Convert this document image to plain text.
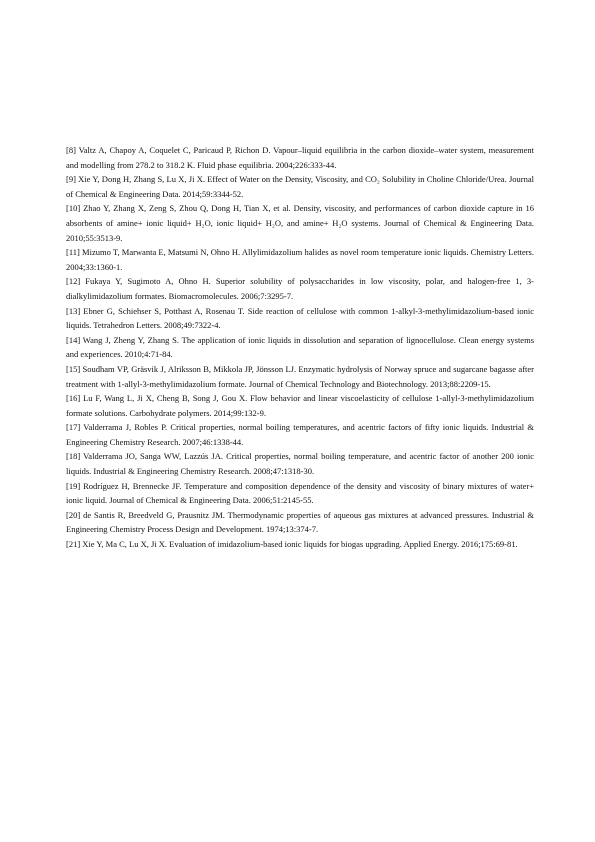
[8] Valtz A, Chapoy A, Coquelet C, Paricaud P, Richon D. Vapour–liquid equilibria in the carbon dioxide–water system, measurement and modelling from 278.2 to 318.2 K. Fluid phase equilibria. 2004;226:333-44.
[9] Xie Y, Dong H, Zhang S, Lu X, Ji X. Effect of Water on the Density, Viscosity, and CO₂ Solubility in Choline Chloride/Urea. Journal of Chemical & Engineering Data. 2014;59:3344-52.
[10] Zhao Y, Zhang X, Zeng S, Zhou Q, Dong H, Tian X, et al. Density, viscosity, and performances of carbon dioxide capture in 16 absorbents of amine+ ionic liquid+ H₂O, ionic liquid+ H₂O, and amine+ H₂O systems. Journal of Chemical & Engineering Data. 2010;55:3513-9.
[11] Mizumo T, Marwanta E, Matsumi N, Ohno H. Allylimidazolium halides as novel room temperature ionic liquids. Chemistry Letters. 2004;33:1360-1.
[12] Fukaya Y, Sugimoto A, Ohno H. Superior solubility of polysaccharides in low viscosity, polar, and halogen-free 1, 3-dialkylimidazolium formates. Biomacromolecules. 2006;7:3295-7.
[13] Ebner G, Schiehser S, Potthast A, Rosenau T. Side reaction of cellulose with common 1-alkyl-3-methylimidazolium-based ionic liquids. Tetrahedron Letters. 2008;49:7322-4.
[14] Wang J, Zheng Y, Zhang S. The application of ionic liquids in dissolution and separation of lignocellulose. Clean energy systems and experiences. 2010;4:71-84.
[15] Soudham VP, Gräsvik J, Alriksson B, Mikkola JP, Jönsson LJ. Enzymatic hydrolysis of Norway spruce and sugarcane bagasse after treatment with 1-allyl-3-methylimidazolium formate. Journal of Chemical Technology and Biotechnology. 2013;88:2209-15.
[16] Lu F, Wang L, Ji X, Cheng B, Song J, Gou X. Flow behavior and linear viscoelasticity of cellulose 1-allyl-3-methylimidazolium formate solutions. Carbohydrate polymers. 2014;99:132-9.
[17] Valderrama J, Robles P. Critical properties, normal boiling temperatures, and acentric factors of fifty ionic liquids. Industrial & Engineering Chemistry Research. 2007;46:1338-44.
[18] Valderrama JO, Sanga WW, Lazzús JA. Critical properties, normal boiling temperature, and acentric factor of another 200 ionic liquids. Industrial & Engineering Chemistry Research. 2008;47:1318-30.
[19] Rodríguez H, Brennecke JF. Temperature and composition dependence of the density and viscosity of binary mixtures of water+ ionic liquid. Journal of Chemical & Engineering Data. 2006;51:2145-55.
[20] de Santis R, Breedveld G, Prausnitz JM. Thermodynamic properties of aqueous gas mixtures at advanced pressures. Industrial & Engineering Chemistry Process Design and Development. 1974;13:374-7.
[21] Xie Y, Ma C, Lu X, Ji X. Evaluation of imidazolium-based ionic liquids for biogas upgrading. Applied Energy. 2016;175:69-81.
